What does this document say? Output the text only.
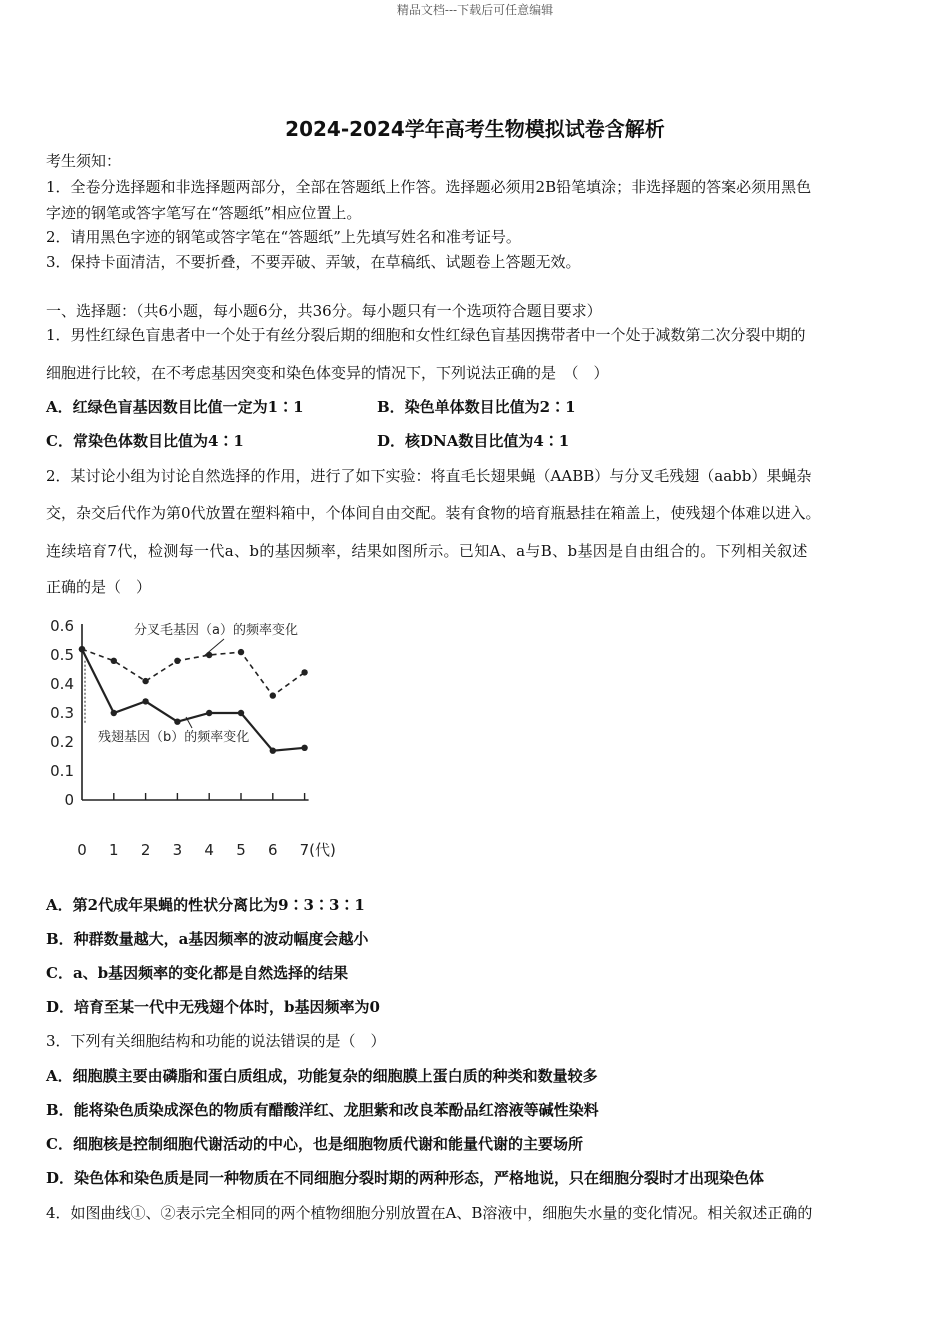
精品文档---下载后可任意编辑
2024-2024学年高考生物模拟试卷含解析
考生须知：
1．全卷分选择题和非选择题两部分，全部在答题纸上作答。选择题必须用2B铅笔填涂；非选择题的答案必须用黑色
字迹的钢笔或答字笔写在“答题纸”相应位置上。
2．请用黑色字迹的钢笔或答字笔在“答题纸”上先填写姓名和准考证号。
3．保持卡面清洁，不要折叠，不要弄破、弄皱，在草稿纸、试题卷上答题无效。
一、选择题：（共6小题，每小题6分，共36分。每小题只有一个选项符合题目要求）
1．男性红绿色盲患者中一个处于有丝分裂后期的细胞和女性红绿色盲基因携带者中一个处于减数第二次分裂中期的
细胞进行比较，在不考虑基因突变和染色体变异的情况下，下列说法正确的是　（　）
A．红绿色盲基因数目比值一定为1∶1	B．染色单体数目比值为2∶1
C．常染色体数目比值为4∶1	D．核DNA数目比值为4∶1
2．某讨论小组为讨论自然选择的作用，进行了如下实验：将直毛长翅果蝇（AABB）与分叉毛残翅（aabb）果蝇杂
交，杂交后代作为第0代放置在塑料箱中，个体间自由交配。装有食物的培育瓶悬挂在箱盖上，使残翅个体难以进入。
连续培育7代，检测每一代a、b的基因频率，结果如图所示。已知A、a与B、b基因是自由组合的。下列相关叙述
正确的是（　）
0
0.1
0.2
0.3
0.4
0.5
0.6
0 1 2 3 4 5 6 7(代)
分叉毛基因（a）的频率变化
残翅基因（b）的频率变化
A．第2代成年果蝇的性状分离比为9∶3∶3∶1
B．种群数量越大，a基因频率的波动幅度会越小
C．a、b基因频率的变化都是自然选择的结果
D．培育至某一代中无残翅个体时，b基因频率为0
3．下列有关细胞结构和功能的说法错误的是（　）
A．细胞膜主要由磷脂和蛋白质组成，功能复杂的细胞膜上蛋白质的种类和数量较多
B．能将染色质染成深色的物质有醋酸洋红、龙胆紫和改良苯酚品红溶液等碱性染料
C．细胞核是控制细胞代谢活动的中心，也是细胞物质代谢和能量代谢的主要场所
D．染色体和染色质是同一种物质在不同细胞分裂时期的两种形态，严格地说，只在细胞分裂时才出现染色体
4．如图曲线①、②表示完全相同的两个植物细胞分别放置在A、B溶液中，细胞失水量的变化情况。相关叙述正确的
